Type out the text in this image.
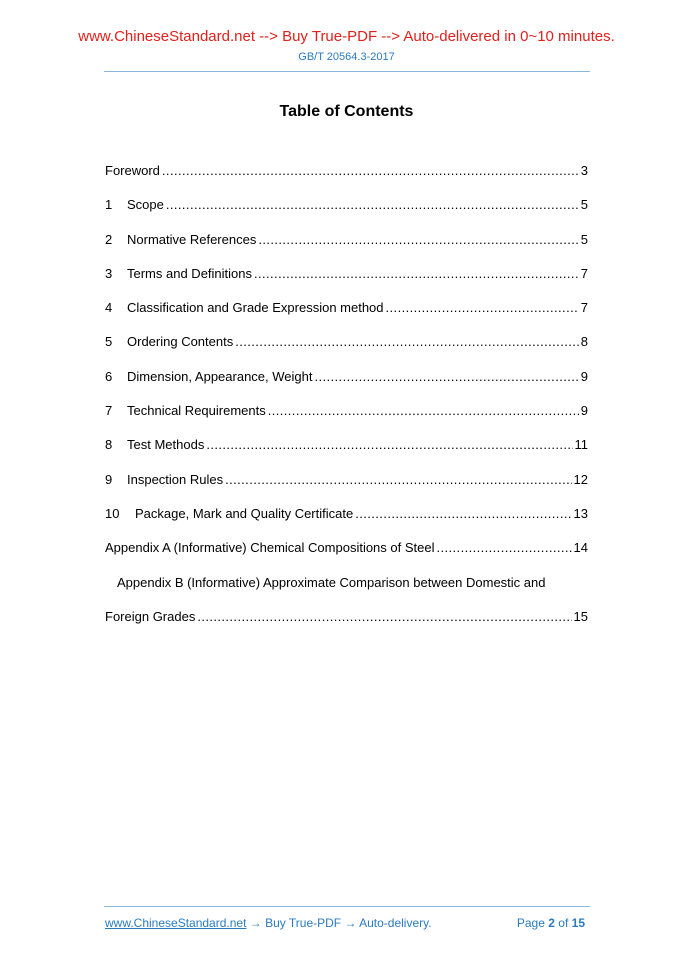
www.ChineseStandard.net --> Buy True-PDF --> Auto-delivered in 0~10 minutes.
GB/T 20564.3-2017
Table of Contents
Foreword .....	3
1	Scope .....	5
2	Normative References .....	5
3	Terms and Definitions .....	7
4	Classification and Grade Expression method .....	7
5	Ordering Contents .....	8
6	Dimension, Appearance, Weight .....	9
7	Technical Requirements .....	9
8	Test Methods .....	11
9	Inspection Rules .....	12
10	Package, Mark and Quality Certificate .....	13
Appendix A (Informative) Chemical Compositions of Steel .....	14
Appendix B (Informative) Approximate Comparison between Domestic and
Foreign Grades .....	15
www.ChineseStandard.net → Buy True-PDF → Auto-delivery.	Page 2 of 15
